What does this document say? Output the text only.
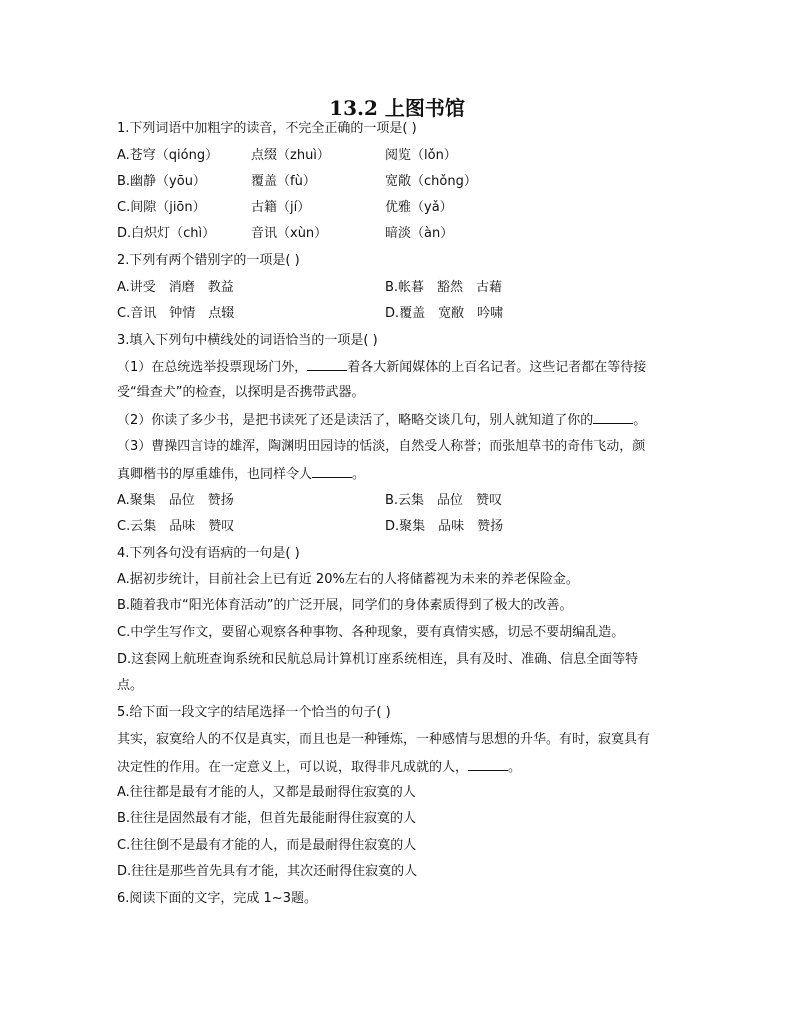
13.2 上图书馆
1.下列词语中加粗字的读音，不完全正确的一项是( )
A.苍穹（qióng）	点缀（zhuì）	阅览（lǒn）
B.幽静（yōu）	覆盖（fù）	宽敞（chǒng）
C.间隙（jiōn）	古籍（jí）	优雅（yǎ）
D.白炽灯（chì）	音讯（xùn）	暗淡（àn）
2.下列有两个错别字的一项是( )
A.讲受　消磨　教益	B.帐暮　豁然　古藉
C.音讯　钟情　点辍	D.覆盖　宽敝　吟啸
3.填入下列句中横线处的词语恰当的一项是( )
（1）在总统选举投票现场门外，	着各大新闻媒体的上百名记者。这些记者都在等待接
受“缉查犬”的检查，以探明是否携带武器。
（2）你读了多少书，是把书读死了还是读活了，略略交谈几句，别人就知道了你的	。
（3）曹操四言诗的雄浑，陶渊明田园诗的恬淡，自然受人称誉；而张旭草书的奇伟飞动，颜
真卿楷书的厚重雄伟，也同样令人	。
A.聚集　品位　赞扬	B.云集　品位　赞叹
C.云集　品味　赞叹	D.聚集　品味　赞扬
4.下列各句没有语病的一句是( )
A.据初步统计，目前社会上已有近 20%左右的人将储蓄视为未来的养老保险金。
B.随着我市“阳光体育活动”的广泛开展，同学们的身体素质得到了极大的改善。
C.中学生写作文，要留心观察各种事物、各种现象，要有真情实感，切忌不要胡编乱造。
D.这套网上航班查询系统和民航总局计算机订座系统相连，具有及时、准确、信息全面等特
点。
5.给下面一段文字的结尾选择一个恰当的句子( )
其实，寂寞给人的不仅是真实，而且也是一种锤炼，一种感情与思想的升华。有时，寂寞具有
决定性的作用。在一定意义上，可以说，取得非凡成就的人，	。
A.往往都是最有才能的人，又都是最耐得住寂寞的人
B.往往是固然最有才能，但首先最能耐得住寂寞的人
C.往往倒不是最有才能的人，而是最耐得住寂寞的人
D.往往是那些首先具有才能，其次还耐得住寂寞的人
6.阅读下面的文字，完成 1~3题。
